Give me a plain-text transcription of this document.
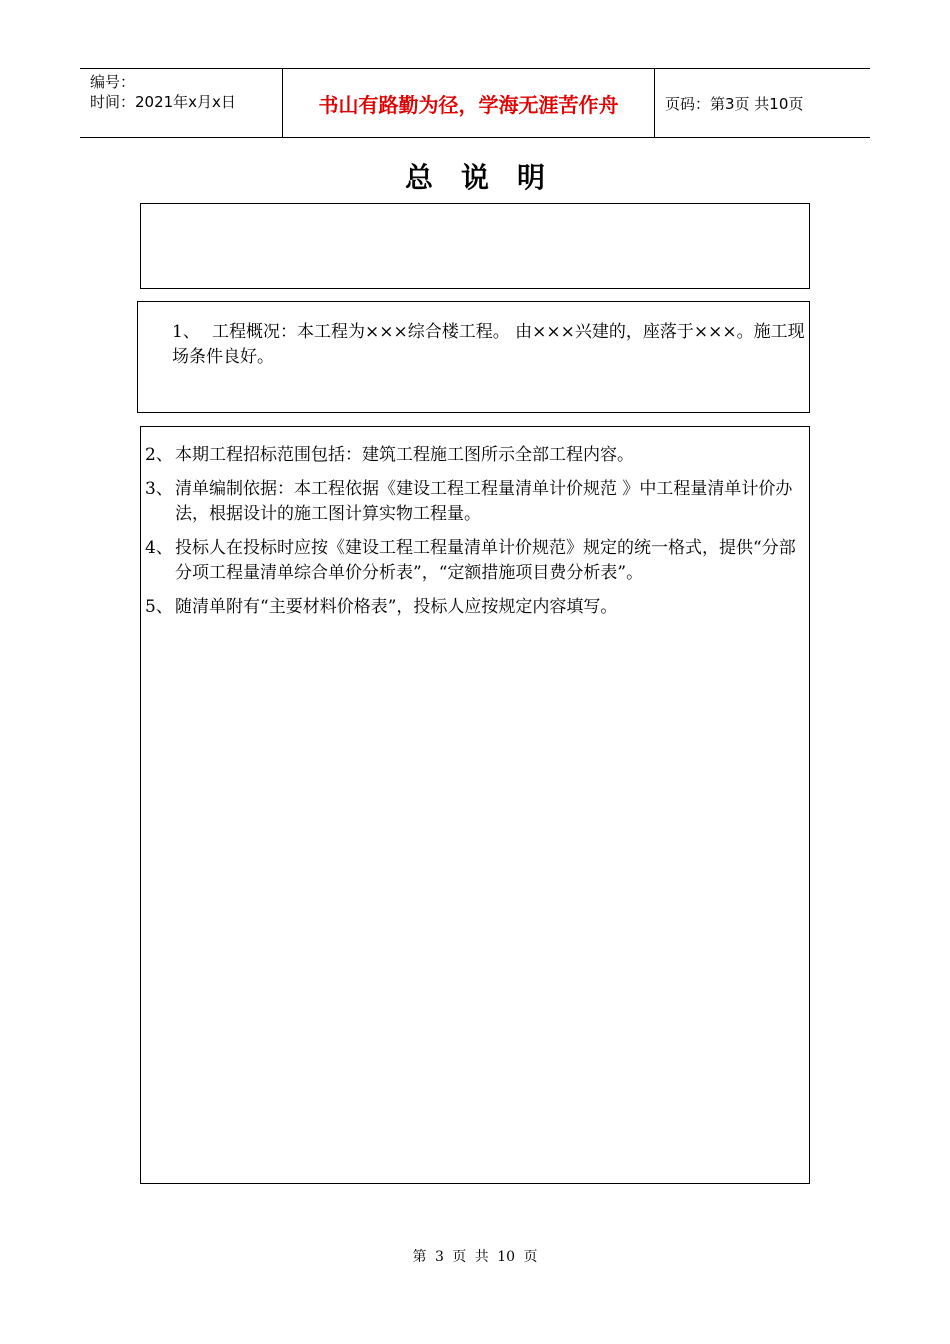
编号：
时间：2021年x月x日	书山有路勤为径，学海无涯苦作舟	页码：第3页 共10页
总说明
1、 工程概况：本工程为×××综合楼工程。 由×××兴建的，座落于×××。施工现场条件良好。
2、 本期工程招标范围包括：建筑工程施工图所示全部工程内容。
3、 清单编制依据：本工程依据《建设工程工程量清单计价规范 》中工程量清单计价办法，根据设计的施工图计算实物工程量。
4、 投标人在投标时应按《建设工程工程量清单计价规范》规定的统一格式，提供“分部分项工程量清单综合单价分析表”，“定额措施项目费分析表”。
5、 随清单附有“主要材料价格表”，投标人应按规定内容填写。
第 3 页 共 10 页
